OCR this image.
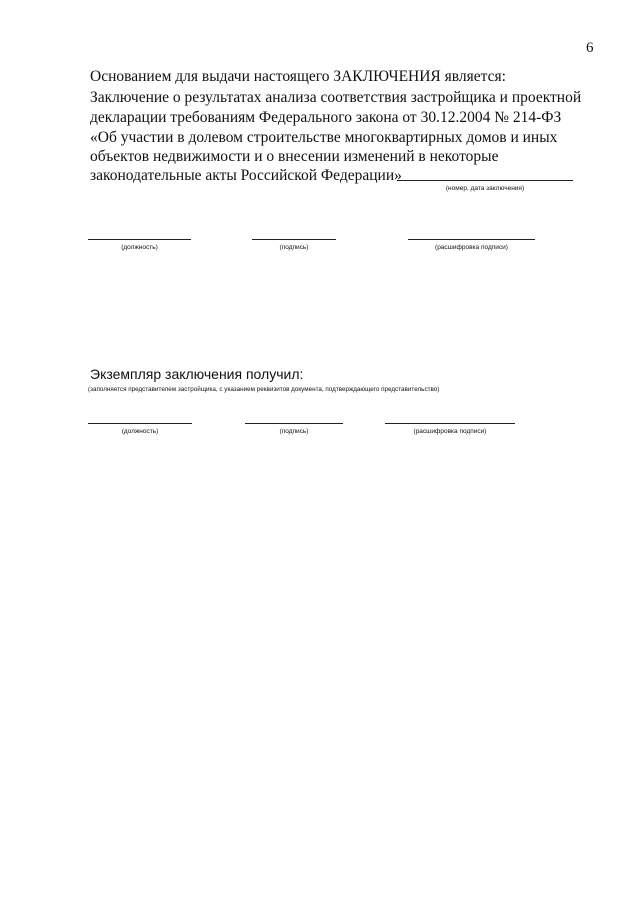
6
Основанием для выдачи настоящего ЗАКЛЮЧЕНИЯ является:
Заключение о результатах анализа соответствия застройщика и проектной
декларации требованиям Федерального закона от 30.12.2004 № 214-ФЗ
«Об участии в долевом строительстве многоквартирных домов и иных
объектов недвижимости и о внесении изменений в некоторые
законодательные акты Российской Федерации»
(номер, дата заключения)
(должность)	(подпись)	(расшифровка подписи)
Экземпляр заключения получил:
(заполняется представителем застройщика, с указанием реквизитов документа, подтверждающего представительство)
(должность)	(подпись)	(расшифровка подписи)
